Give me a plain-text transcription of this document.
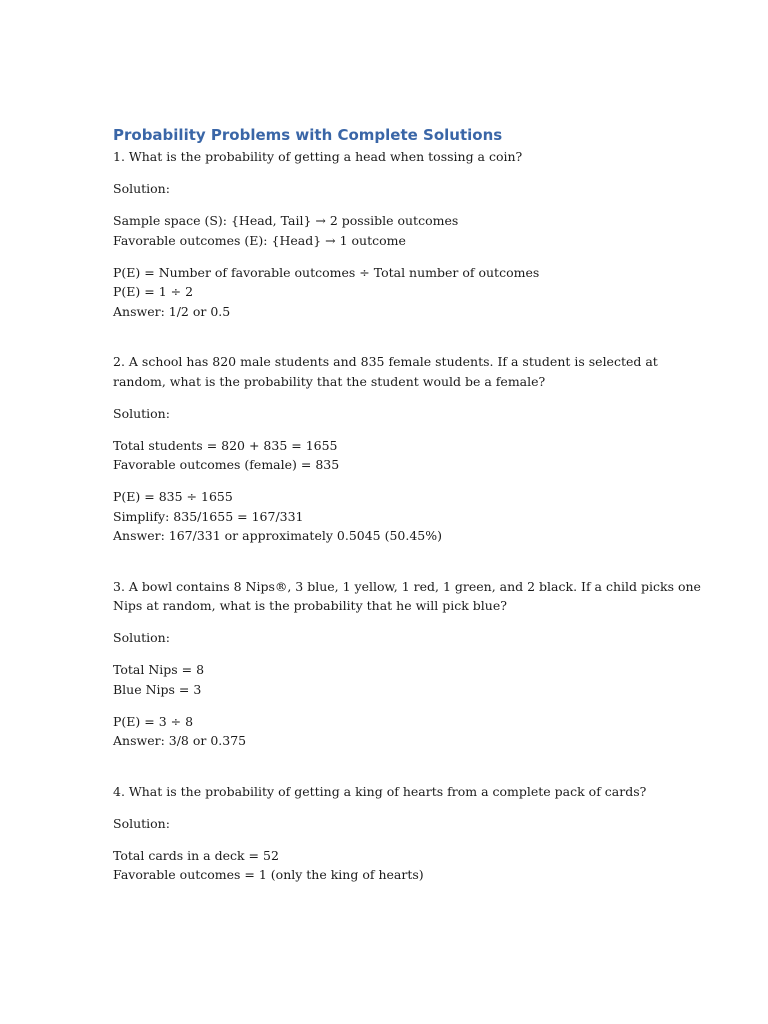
Probability Problems with Complete Solutions
1. What is the probability of getting a head when tossing a coin?
Solution:
Sample space (S): {Head, Tail} → 2 possible outcomes
Favorable outcomes (E): {Head} → 1 outcome
P(E) = Number of favorable outcomes ÷ Total number of outcomes
P(E) = 1 ÷ 2
Answer: 1/2 or 0.5
2. A school has 820 male students and 835 female students. If a student is selected at
random, what is the probability that the student would be a female?
Solution:
Total students = 820 + 835 = 1655
Favorable outcomes (female) = 835
P(E) = 835 ÷ 1655
Simplify: 835/1655 = 167/331
Answer: 167/331 or approximately 0.5045 (50.45%)
3. A bowl contains 8 Nips®, 3 blue, 1 yellow, 1 red, 1 green, and 2 black. If a child picks one
Nips at random, what is the probability that he will pick blue?
Solution:
Total Nips = 8
Blue Nips = 3
P(E) = 3 ÷ 8
Answer: 3/8 or 0.375
4. What is the probability of getting a king of hearts from a complete pack of cards?
Solution:
Total cards in a deck = 52
Favorable outcomes = 1 (only the king of hearts)
